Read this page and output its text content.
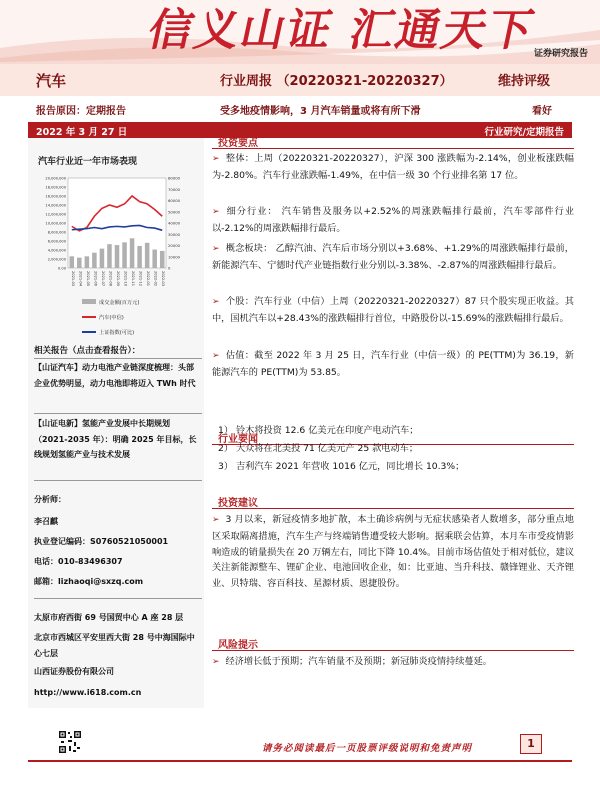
信义山证 汇通天下
证券研究报告
汽车	行业周报 （20220321-20220327）	维持评级
报告原因：定期报告	受多地疫情影响，3 月汽车销量或将有所下滑	看好
2022 年 3 月 27 日	行业研究/定期报告
汽车行业近一年市场表现
0.00
2,000,000
4,000,000
6,000,000
8,000,000
10,000,000
12,000,000
14,000,000
16,000,000
18,000,000
20,000,000
0
10000
20000
30000
40000
50000
60000
70000
80000
2021-03 2021-04 2021-05 2021-06 2021-07 2021-08 2021-09 2021-10 2021-11 2021-12 2022-01 2022-02 2022-03
成交金额(百万元)
汽车(中信)
上证指数(可比)
相关报告（点击查看报告）：
【山证汽车】动力电池产业链深度梳理：头部企业优势明显，动力电池即将迈入 TWh 时代
【山证电新】氢能产业发展中长期规划（2021-2035 年）：明确 2025 年目标，长线规划氢能产业与技术发展
分析师：
李召麒
执业登记编码：S0760521050001
电话：010-83496307
邮箱：lizhaoqi@sxzq.com
太原市府西街 69 号国贸中心 A 座 28 层
北京市西城区平安里西大街 28 号中海国际中心七层
山西证券股份有限公司
http://www.i618.com.cn
投资要点
➢ 整体：上周（20220321-20220327），沪深 300 涨跌幅为-2.14%，创业板涨跌幅为-2.80%。汽车行业涨跌幅-1.49%，在中信一级 30 个行业排名第 17 位。
➢ 细分行业： 汽车销售及服务以+2.52%的周涨跌幅排行最前，汽车零部件行业以-2.12%的周涨跌幅排行最后。
➢ 概念板块： 乙醇汽油、汽车后市场分别以+3.68%、+1.29%的周涨跌幅排行最前，新能源汽车、宁德时代产业链指数行业分别以-3.38%、-2.87%的周涨跌幅排行最后。
➢ 个股：汽车行业（中信）上周（20220321-20220327）87 只个股实现正收益。其中，国机汽车以+28.43%的涨跌幅排行首位，中路股份以-15.69%的涨跌幅排行最后。
➢ 估值：截至 2022 年 3 月 25 日，汽车行业（中信一级）的 PE(TTM)为 36.19，新能源汽车的 PE(TTM)为 53.85。
行业要闻
1） 铃木将投资 12.6 亿美元在印度产电动汽车；
2） 大众将在北美投 71 亿美元产 25 款电动车；
3） 吉利汽车 2021 年营收 1016 亿元，同比增长 10.3%；
投资建议
➢ 3 月以来，新冠疫情多地扩散，本土确诊病例与无症状感染者人数增多，部分重点地区采取隔离措施，汽车生产与终端销售遭受较大影响。据乘联会估算，本月车市受疫情影响造成的销量损失在 20 万辆左右，同比下降 10.4%。目前市场估值处于相对低位，建议关注新能源整车、锂矿企业、电池回收企业，如：比亚迪、当升科技、赣锋锂业、天齐锂业、贝特瑞、容百科技、星源材质、恩捷股份。
风险提示
➢ 经济增长低于预期；汽车销量不及预期；新冠肺炎疫情持续蔓延。
请务必阅读最后一页股票评级说明和免责声明	1
